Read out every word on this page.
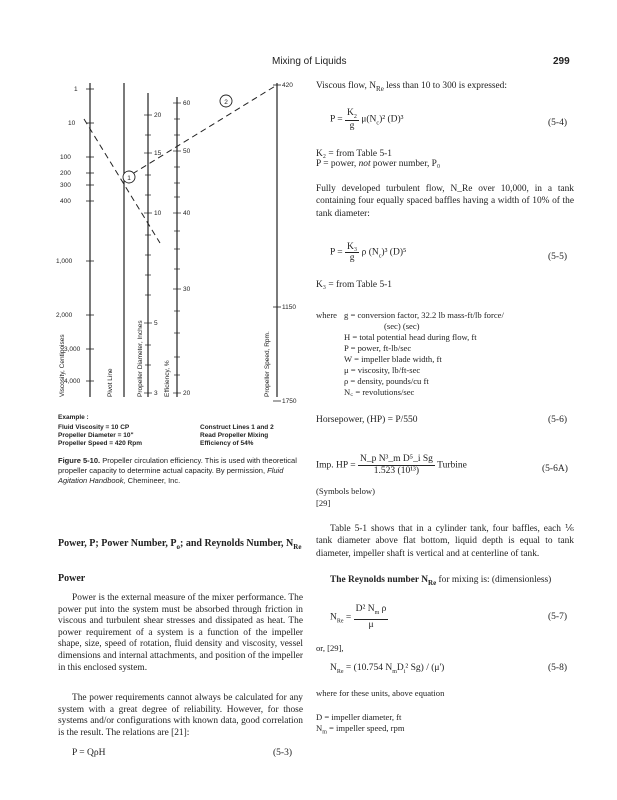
Mixing of Liquids	299
1
2
1
10
100
200
300
400
1,000
2,000
3,000
4,000
20
15
10
5
3
60
50
40
30
20
420
1150
1750
Viscosity, Centipoises	Pivot Line	Propeller Diameter, Inches	Efficiency, %	Propeller Speed, Rpm.
Example :
Fluid Viscosity = 10 CP
Propeller Diameter = 10"
Propeller Speed = 420 Rpm
Construct Lines 1 and 2
Read Propeller Mixing
Efficiency of 54%
Figure 5-10. Propeller circulation efficiency. This is used with theoretical propeller capacity to determine actual capacity. By permission, Fluid Agitation Handbook, Chemineer, Inc.
Power, P; Power Number, $P_o$; and Reynolds Number, $N_{Re}$
Power

Power is the external measure of the mixer performance. The power put into the system must be absorbed through friction in viscous and turbulent shear stresses and dissipated as heat. The power requirement of a system is a function of the impeller shape, size, speed of rotation, fluid density and viscosity, vessel dimensions and internal attachments, and position of the impeller in this enclosed system.

The power requirements cannot always be calculated for any system with a great degree of reliability. However, for those systems and/or configurations with known data, good correlation is the result. The relations are [21]:

P = QρH	(5-3)

Viscous flow, $N_{Re}$ less than 10 to 300 is expressed:

$P = \frac{K_2}{g} \mu(N_c)^2$ (D)³	(5-4)
K₂ = from Table 5-1
P = power, not power number, P₀

Fully developed turbulent flow, N_Re over 10,000, in a tank containing four equally spaced baffles having a width of 10% of the tank diameter:

$P = \frac{\text{K₃}}{g}$ ρ $(N_c)^3$ (D)⁵	(5-5)
K₃ = from Table 5-1
where g = conversion factor, 32.2 lb mass-ft/lb force/
(sec) (sec)
H = total potential head during flow, ft
P = power, ft-lb/sec
W = impeller blade width, ft
μ = viscosity, lb/ft-sec
ρ = density, pounds/cu ft
N꜀ = revolutions/sec
Horsepower, (HP) = P/550	(5-6)
Imp. HP = $\frac{\text{N\_p N³\_m D⁵\_i Sg}}{\text{1.523 (10¹³)}}$ Turbine	(5-6A)
(Symbols below)
[29]

Table 5-1 shows that in a cylinder tank, four baffles, each ⅙ tank diameter above flat bottom, liquid depth is equal to tank diameter, impeller shaft is vertical and at centerline of tank.

The Reynolds number $N_{Re}$ for mixing is: (dimensionless)

$N_{Re} = \frac{D^2 N_m \rho}{\mu}$	(5-7)
or, [29],
$N_{Re} = (10.754$ $N_mD_i^2$ Sg) / (μ')	(5-8)
where for these units, above equation
D = impeller diameter, ft
$N_m$ = impeller speed, rpm
